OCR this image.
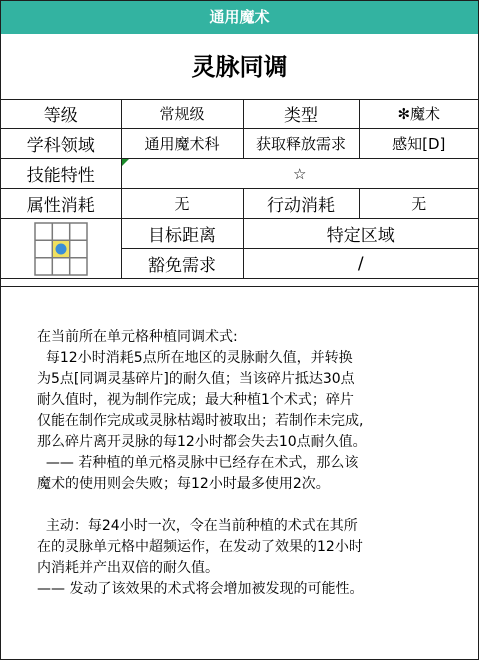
通用魔术
灵脉同调
等级	常规级	类型	✻魔术
学科领域	通用魔术科	获取释放需求	感知[D]
技能特性	☆		
属性消耗	无	行动消耗	无

	目标距离	特定区域	
	豁免需求	/	

在当前所在单元格种植同调术式:

每12小时消耗5点所在地区的灵脉耐久值，并转换

为5点[同调灵基碎片]的耐久值；当该碎片抵达30点

耐久值时，视为制作完成；最大种植1个术式；碎片

仅能在制作完成或灵脉枯竭时被取出；若制作未完成,

那么碎片离开灵脉的每12小时都会失去10点耐久值。

—— 若种植的单元格灵脉中已经存在术式，那么该

魔术的使用则会失败；每12小时最多使用2次。

主动：每24小时一次，令在当前种植的术式在其所

在的灵脉单元格中超频运作，在发动了效果的12小时

内消耗并产出双倍的耐久值。

—— 发动了该效果的术式将会增加被发现的可能性。
